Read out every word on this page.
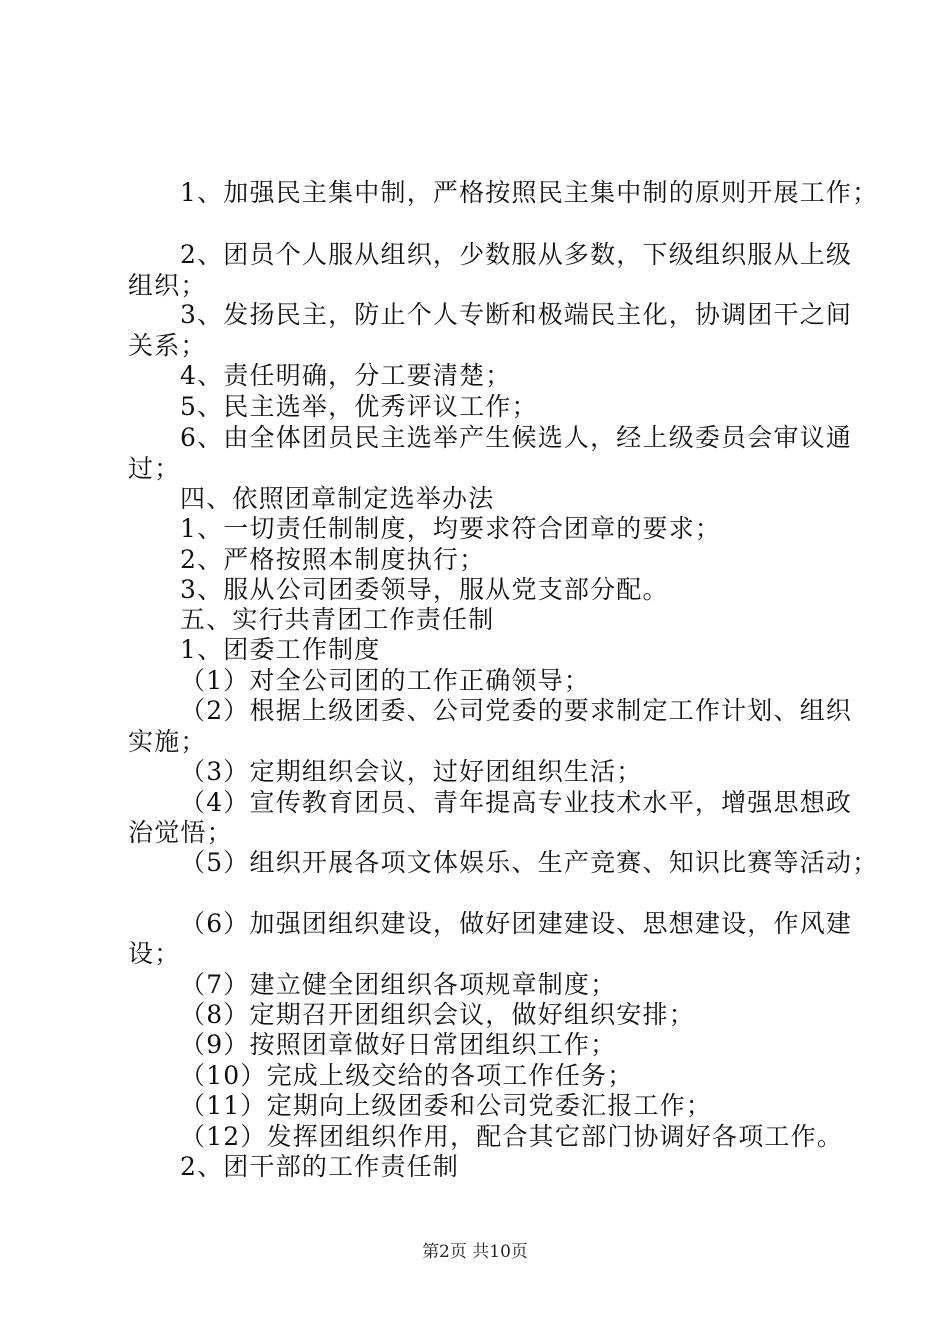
1、加强民主集中制，严格按照民主集中制的原则开展工作；
2、团员个人服从组织，少数服从多数，下级组织服从上级
组织；
3、发扬民主，防止个人专断和极端民主化，协调团干之间
关系；
4、责任明确，分工要清楚；
5、民主选举，优秀评议工作；
6、由全体团员民主选举产生候选人，经上级委员会审议通
过；
四、依照团章制定选举办法
1、一切责任制制度，均要求符合团章的要求；
2、严格按照本制度执行；
3、服从公司团委领导，服从党支部分配。
五、实行共青团工作责任制
1、团委工作制度
（1）对全公司团的工作正确领导；
（2）根据上级团委、公司党委的要求制定工作计划、组织
实施；
（3）定期组织会议，过好团组织生活；
（4）宣传教育团员、青年提高专业技术水平，增强思想政
治觉悟；
（5）组织开展各项文体娱乐、生产竞赛、知识比赛等活动；
（6）加强团组织建设，做好团建建设、思想建设，作风建
设；
（7）建立健全团组织各项规章制度；
（8）定期召开团组织会议，做好组织安排；
（9）按照团章做好日常团组织工作；
（10）完成上级交给的各项工作任务；
（11）定期向上级团委和公司党委汇报工作；
（12）发挥团组织作用，配合其它部门协调好各项工作。
2、团干部的工作责任制
第2页 共10页
